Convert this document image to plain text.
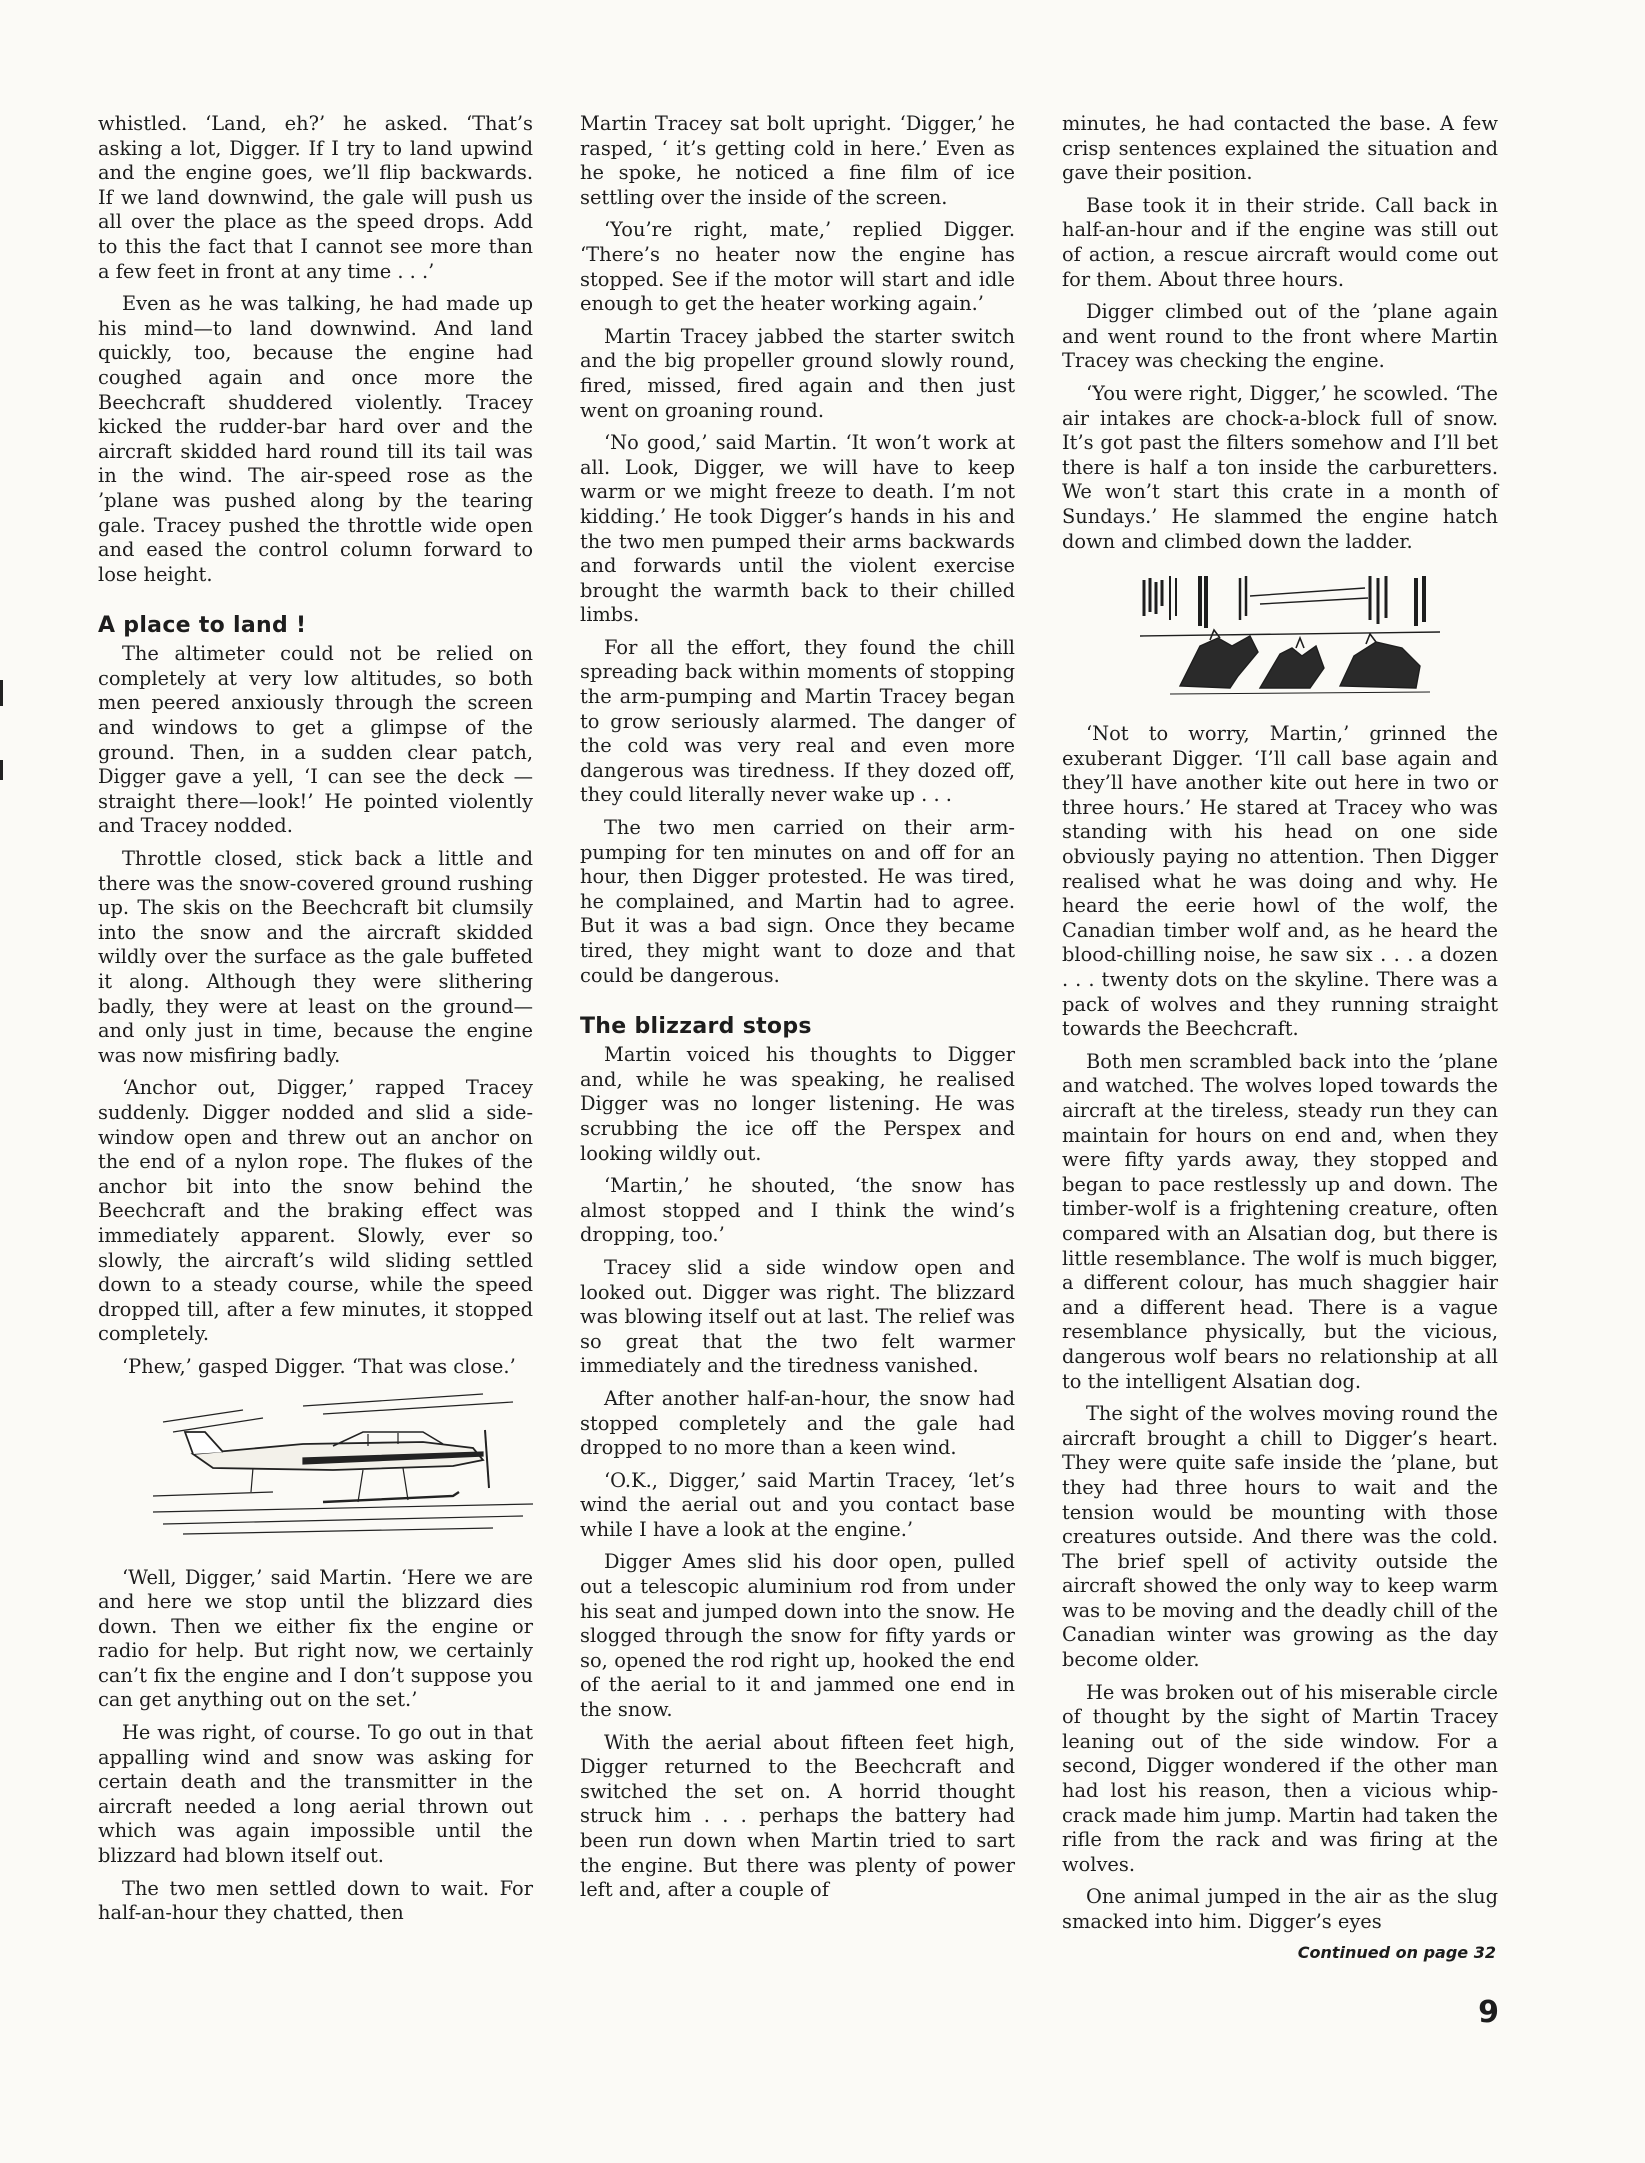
whistled. ‘Land, eh?’ he asked. ‘That’s asking a lot, Digger. If I try to land upwind and the engine goes, we’ll flip backwards. If we land downwind, the gale will push us all over the place as the speed drops. Add to this the fact that I cannot see more than a few feet in front at any time . . .’

Even as he was talking, he had made up his mind—to land downwind. And land quickly, too, because the engine had coughed again and once more the Beechcraft shuddered violently. Tracey kicked the rudder-bar hard over and the aircraft skidded hard round till its tail was in the wind. The air-speed rose as the ’plane was pushed along by the tearing gale. Tracey pushed the throttle wide open and eased the control column forward to lose height.

A place to land !

The altimeter could not be relied on completely at very low altitudes, so both men peered anxiously through the screen and windows to get a glimpse of the ground. Then, in a sudden clear patch, Digger gave a yell, ‘I can see the deck —straight there—look!’ He pointed violently and Tracey nodded.

Throttle closed, stick back a little and there was the snow-covered ground rushing up. The skis on the Beechcraft bit clumsily into the snow and the aircraft skidded wildly over the surface as the gale buffeted it along. Although they were slithering badly, they were at least on the ground—and only just in time, because the engine was now misfiring badly.

‘Anchor out, Digger,’ rapped Tracey suddenly. Digger nodded and slid a side-window open and threw out an anchor on the end of a nylon rope. The flukes of the anchor bit into the snow behind the Beechcraft and the braking effect was immediately apparent. Slowly, ever so slowly, the aircraft’s wild sliding settled down to a steady course, while the speed dropped till, after a few minutes, it stopped completely.

‘Phew,’ gasped Digger. ‘That was close.’

‘Well, Digger,’ said Martin. ‘Here we are and here we stop until the blizzard dies down. Then we either fix the engine or radio for help. But right now, we certainly can’t fix the engine and I don’t suppose you can get anything out on the set.’

He was right, of course. To go out in that appalling wind and snow was asking for certain death and the transmitter in the aircraft needed a long aerial thrown out which was again impossible until the blizzard had blown itself out.

The two men settled down to wait. For half-an-hour they chatted, then

Martin Tracey sat bolt upright. ‘Digger,’ he rasped, ‘ it’s getting cold in here.’ Even as he spoke, he noticed a fine film of ice settling over the inside of the screen.

‘You’re right, mate,’ replied Digger. ‘There’s no heater now the engine has stopped. See if the motor will start and idle enough to get the heater working again.’

Martin Tracey jabbed the starter switch and the big propeller ground slowly round, fired, missed, fired again and then just went on groaning round.

‘No good,’ said Martin. ‘It won’t work at all. Look, Digger, we will have to keep warm or we might freeze to death. I’m not kidding.’ He took Digger’s hands in his and the two men pumped their arms backwards and forwards until the violent exercise brought the warmth back to their chilled limbs.

For all the effort, they found the chill spreading back within moments of stopping the arm-pumping and Martin Tracey began to grow seriously alarmed. The danger of the cold was very real and even more dangerous was tiredness. If they dozed off, they could literally never wake up . . .

The two men carried on their arm-pumping for ten minutes on and off for an hour, then Digger protested. He was tired, he complained, and Martin had to agree. But it was a bad sign. Once they became tired, they might want to doze and that could be dangerous.

The blizzard stops

Martin voiced his thoughts to Digger and, while he was speaking, he realised Digger was no longer listening. He was scrubbing the ice off the Perspex and looking wildly out.

‘Martin,’ he shouted, ‘the snow has almost stopped and I think the wind’s dropping, too.’

Tracey slid a side window open and looked out. Digger was right. The blizzard was blowing itself out at last. The relief was so great that the two felt warmer immediately and the tiredness vanished.

After another half-an-hour, the snow had stopped completely and the gale had dropped to no more than a keen wind.

‘O.K., Digger,’ said Martin Tracey, ‘let’s wind the aerial out and you contact base while I have a look at the engine.’

Digger Ames slid his door open, pulled out a telescopic aluminium rod from under his seat and jumped down into the snow. He slogged through the snow for fifty yards or so, opened the rod right up, hooked the end of the aerial to it and jammed one end in the snow.

With the aerial about fifteen feet high, Digger returned to the Beechcraft and switched the set on. A horrid thought struck him . . . perhaps the battery had been run down when Martin tried to sart the engine. But there was plenty of power left and, after a couple of

minutes, he had contacted the base. A few crisp sentences explained the situation and gave their position.

Base took it in their stride. Call back in half-an-hour and if the engine was still out of action, a rescue aircraft would come out for them. About three hours.

Digger climbed out of the ’plane again and went round to the front where Martin Tracey was checking the engine.

‘You were right, Digger,’ he scowled. ‘The air intakes are chock-a-block full of snow. It’s got past the filters somehow and I’ll bet there is half a ton inside the carburetters. We won’t start this crate in a month of Sundays.’ He slammed the engine hatch down and climbed down the ladder.

‘Not to worry, Martin,’ grinned the exuberant Digger. ‘I’ll call base again and they’ll have another kite out here in two or three hours.’ He stared at Tracey who was standing with his head on one side obviously paying no attention. Then Digger realised what he was doing and why. He heard the eerie howl of the wolf, the Canadian timber wolf and, as he heard the blood-chilling noise, he saw six . . . a dozen . . . twenty dots on the skyline. There was a pack of wolves and they running straight towards the Beechcraft.

Both men scrambled back into the ’plane and watched. The wolves loped towards the aircraft at the tireless, steady run they can maintain for hours on end and, when they were fifty yards away, they stopped and began to pace restlessly up and down. The timber-wolf is a frightening creature, often compared with an Alsatian dog, but there is little resemblance. The wolf is much bigger, a different colour, has much shaggier hair and a different head. There is a vague resemblance physically, but the vicious, dangerous wolf bears no relationship at all to the intelligent Alsatian dog.

The sight of the wolves moving round the aircraft brought a chill to Digger’s heart. They were quite safe inside the ’plane, but they had three hours to wait and the tension would be mounting with those creatures outside. And there was the cold. The brief spell of activity outside the aircraft showed the only way to keep warm was to be moving and the deadly chill of the Canadian winter was growing as the day become older.

He was broken out of his miserable circle of thought by the sight of Martin Tracey leaning out of the side window. For a second, Digger wondered if the other man had lost his reason, then a vicious whip-crack made him jump. Martin had taken the rifle from the rack and was firing at the wolves.

One animal jumped in the air as the slug smacked into him. Digger’s eyes

Continued on page 32

9
